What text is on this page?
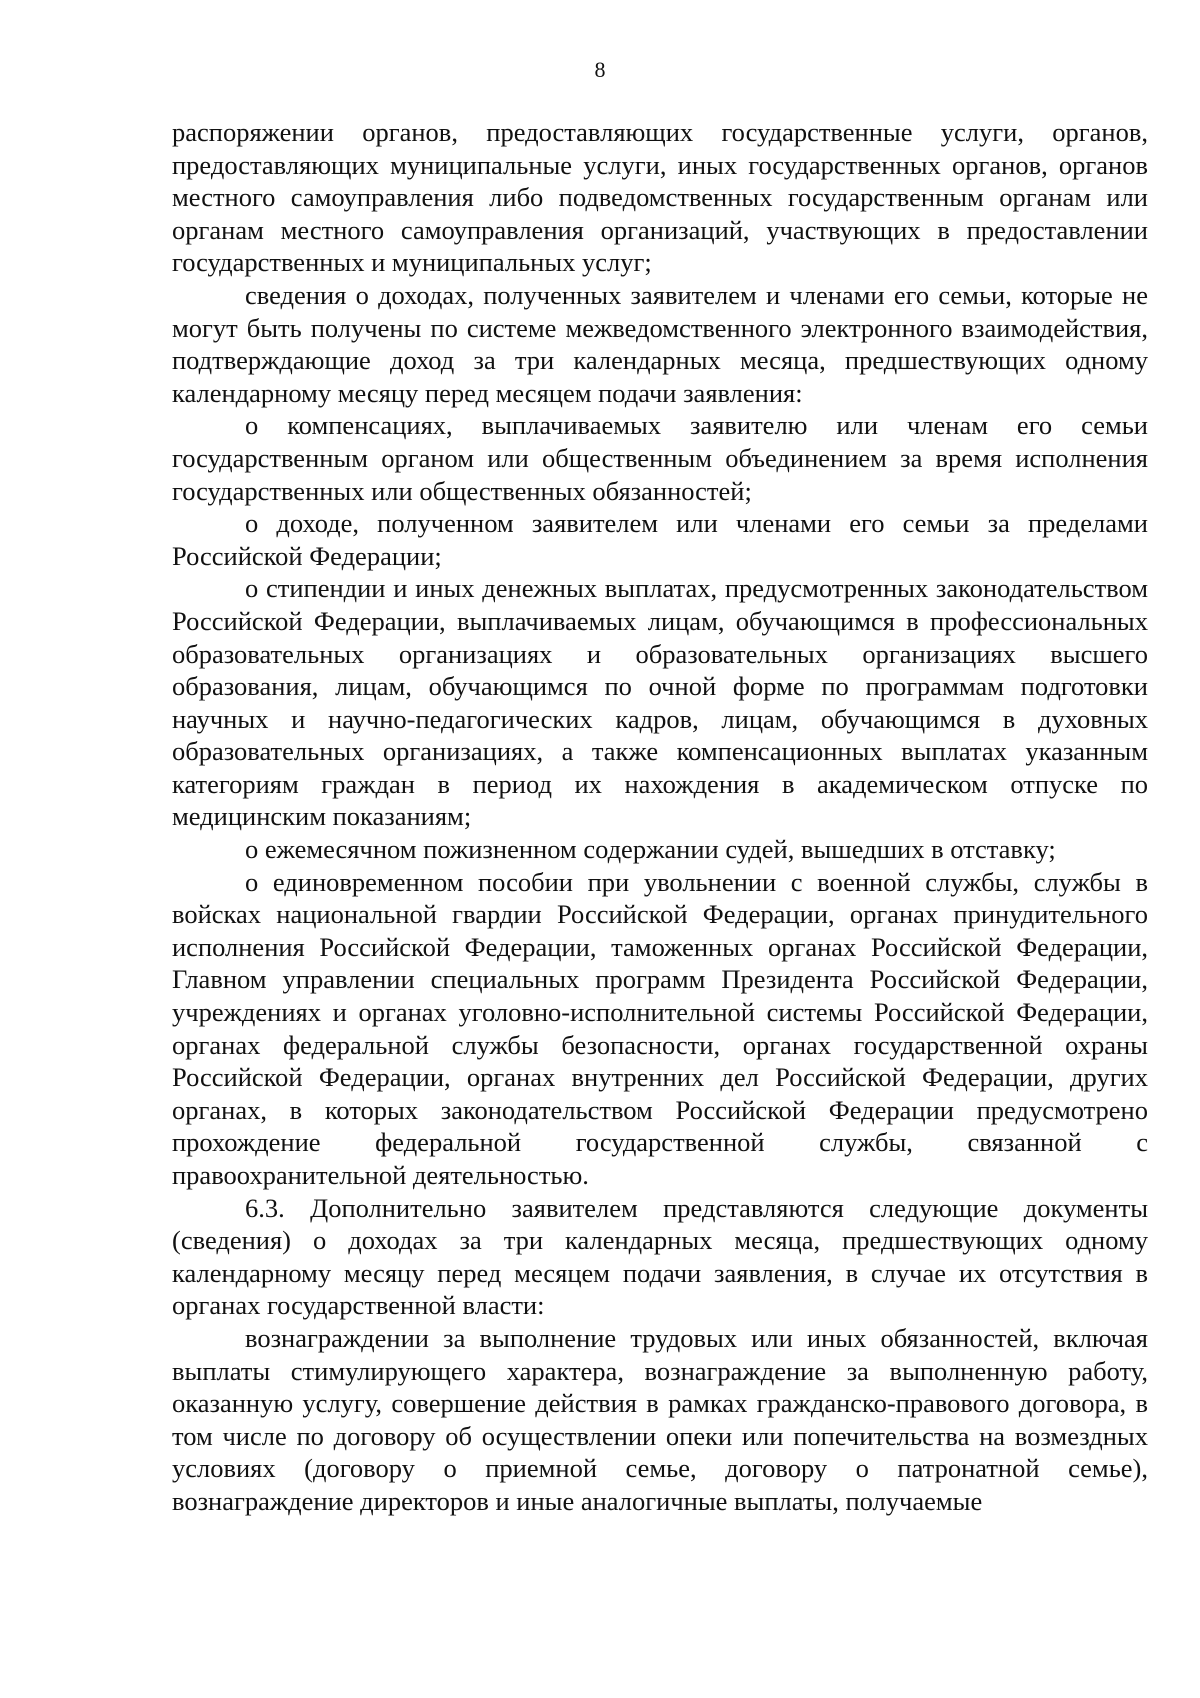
8

распоряжении органов, предоставляющих государственные услуги, органов, предоставляющих муниципальные услуги, иных государственных органов, органов местного самоуправления либо подведомственных государственным органам или органам местного самоуправления организаций, участвующих в предоставлении государственных и муниципальных услуг;

сведения о доходах, полученных заявителем и членами его семьи, которые не могут быть получены по системе межведомственного электронного взаимодействия, подтверждающие доход за три календарных месяца, предшествующих одному календарному месяцу перед месяцем подачи заявления:

о компенсациях, выплачиваемых заявителю или членам его семьи государственным органом или общественным объединением за время исполнения государственных или общественных обязанностей;

о доходе, полученном заявителем или членами его семьи за пределами Российской Федерации;

о стипендии и иных денежных выплатах, предусмотренных законодательством Российской Федерации, выплачиваемых лицам, обучающимся в профессиональных образовательных организациях и образовательных организациях высшего образования, лицам, обучающимся по очной форме по программам подготовки научных и научно-педагогических кадров, лицам, обучающимся в духовных образовательных организациях, а также компенсационных выплатах указанным категориям граждан в период их нахождения в академическом отпуске по медицинским показаниям;

о ежемесячном пожизненном содержании судей, вышедших в отставку;

о единовременном пособии при увольнении с военной службы, службы в войсках национальной гвардии Российской Федерации, органах принудительного исполнения Российской Федерации, таможенных органах Российской Федерации, Главном управлении специальных программ Президента Российской Федерации, учреждениях и органах уголовно-исполнительной системы Российской Федерации, органах федеральной службы безопасности, органах государственной охраны Российской Федерации, органах внутренних дел Российской Федерации, других органах, в которых законодательством Российской Федерации предусмотрено прохождение федеральной государственной службы, связанной с правоохранительной деятельностью.

6.3. Дополнительно заявителем представляются следующие документы (сведения) о доходах за три календарных месяца, предшествующих одному календарному месяцу перед месяцем подачи заявления, в случае их отсутствия в органах государственной власти:

вознаграждении за выполнение трудовых или иных обязанностей, включая выплаты стимулирующего характера, вознаграждение за выполненную работу, оказанную услугу, совершение действия в рамках гражданско-правового договора, в том числе по договору об осуществлении опеки или попечительства на возмездных условиях (договору о приемной семье, договору о патронатной семье), вознаграждение директоров и иные аналогичные выплаты, получаемые
